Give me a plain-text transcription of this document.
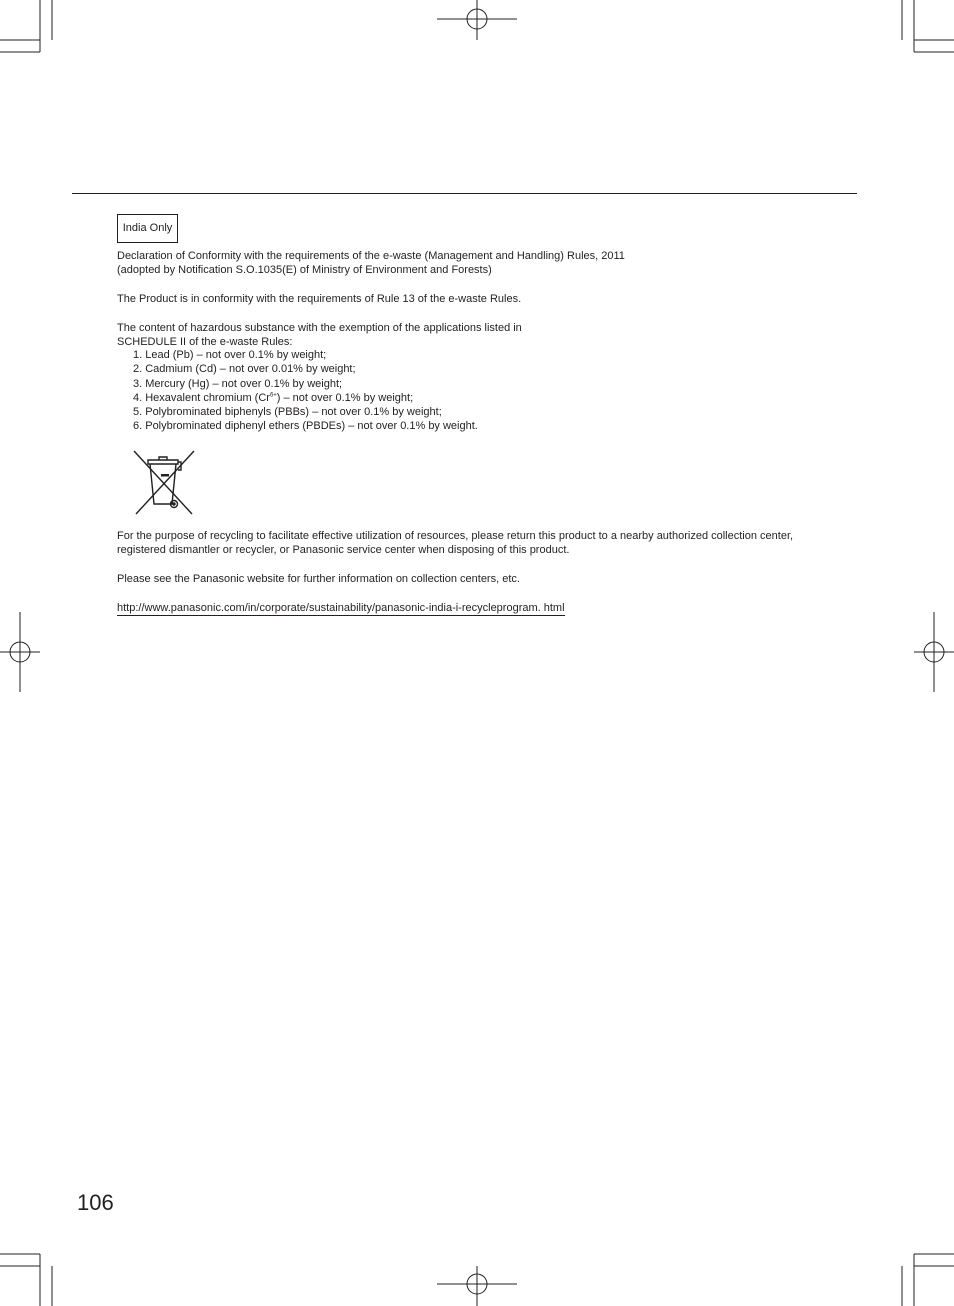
India Only

Declaration of Conformity with the requirements of the e-waste (Management and Handling) Rules, 2011
(adopted by Notification S.O.1035(E) of Ministry of Environment and Forests)

The Product is in conformity with the requirements of Rule 13 of the e-waste Rules.

The content of hazardous substance with the exemption of the applications listed in
SCHEDULE II of the e-waste Rules:

1. Lead (Pb) – not over 0.1% by weight;
2. Cadmium (Cd) – not over 0.01% by weight;
3. Mercury (Hg) – not over 0.1% by weight;
4. Hexavalent chromium $(Cr^{6+})$ – not over 0.1% by weight;
5. Polybrominated biphenyls (PBBs) – not over 0.1% by weight;
6. Polybrominated diphenyl ethers (PBDEs) – not over 0.1% by weight.

For the purpose of recycling to facilitate effective utilization of resources, please return this product to a nearby authorized collection center,
registered dismantler or recycler, or Panasonic service center when disposing of this product.

Please see the Panasonic website for further information on collection centers, etc.

http://www.panasonic.com/in/corporate/sustainability/panasonic-india-i-recycleprogram. html
106
